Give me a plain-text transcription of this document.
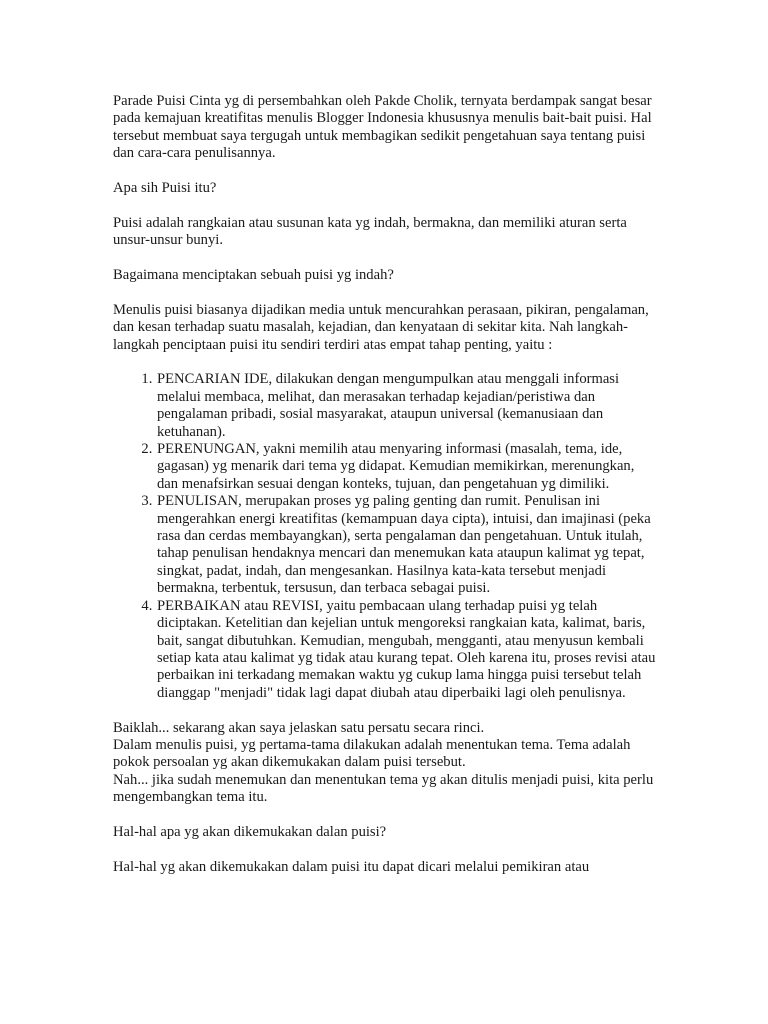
Parade Puisi Cinta yg di persembahkan oleh Pakde Cholik, ternyata berdampak sangat besar pada kemajuan kreatifitas menulis Blogger Indonesia khususnya menulis bait-bait puisi. Hal tersebut membuat saya tergugah untuk membagikan sedikit pengetahuan saya tentang puisi dan cara-cara penulisannya.

Apa sih Puisi itu?

Puisi adalah rangkaian atau susunan kata yg indah, bermakna, dan memiliki aturan serta unsur-unsur bunyi.

Bagaimana menciptakan sebuah puisi yg indah?

Menulis puisi biasanya dijadikan media untuk mencurahkan perasaan, pikiran, pengalaman, dan kesan terhadap suatu masalah, kejadian, dan kenyataan di sekitar kita. Nah langkah-langkah penciptaan puisi itu sendiri terdiri atas empat tahap penting, yaitu :

1. PENCARIAN IDE, dilakukan dengan mengumpulkan atau menggali informasi melalui membaca, melihat, dan merasakan terhadap kejadian/peristiwa dan pengalaman pribadi, sosial masyarakat, ataupun universal (kemanusiaan dan ketuhanan).
2. PERENUNGAN, yakni memilih atau menyaring informasi (masalah, tema, ide, gagasan) yg menarik dari tema yg didapat. Kemudian memikirkan, merenungkan, dan menafsirkan sesuai dengan konteks, tujuan, dan pengetahuan yg dimiliki.
3. PENULISAN, merupakan proses yg paling genting dan rumit. Penulisan ini mengerahkan energi kreatifitas (kemampuan daya cipta), intuisi, dan imajinasi (peka rasa dan cerdas membayangkan), serta pengalaman dan pengetahuan. Untuk itulah, tahap penulisan hendaknya mencari dan menemukan kata ataupun kalimat yg tepat, singkat, padat, indah, dan mengesankan. Hasilnya kata-kata tersebut menjadi bermakna, terbentuk, tersusun, dan terbaca sebagai puisi.
4. PERBAIKAN atau REVISI, yaitu pembacaan ulang terhadap puisi yg telah diciptakan. Ketelitian dan kejelian untuk mengoreksi rangkaian kata, kalimat, baris, bait, sangat dibutuhkan. Kemudian, mengubah, mengganti, atau menyusun kembali setiap kata atau kalimat yg tidak atau kurang tepat. Oleh karena itu, proses revisi atau perbaikan ini terkadang memakan waktu yg cukup lama hingga puisi tersebut telah dianggap "menjadi" tidak lagi dapat diubah atau diperbaiki lagi oleh penulisnya.

Baiklah... sekarang akan saya jelaskan satu persatu secara rinci.

Dalam menulis puisi, yg pertama-tama dilakukan adalah menentukan tema. Tema adalah pokok persoalan yg akan dikemukakan dalam puisi tersebut.

Nah... jika sudah menemukan dan menentukan tema yg akan ditulis menjadi puisi, kita perlu mengembangkan tema itu.

Hal-hal apa yg akan dikemukakan dalan puisi?

Hal-hal yg akan dikemukakan dalam puisi itu dapat dicari melalui pemikiran atau
